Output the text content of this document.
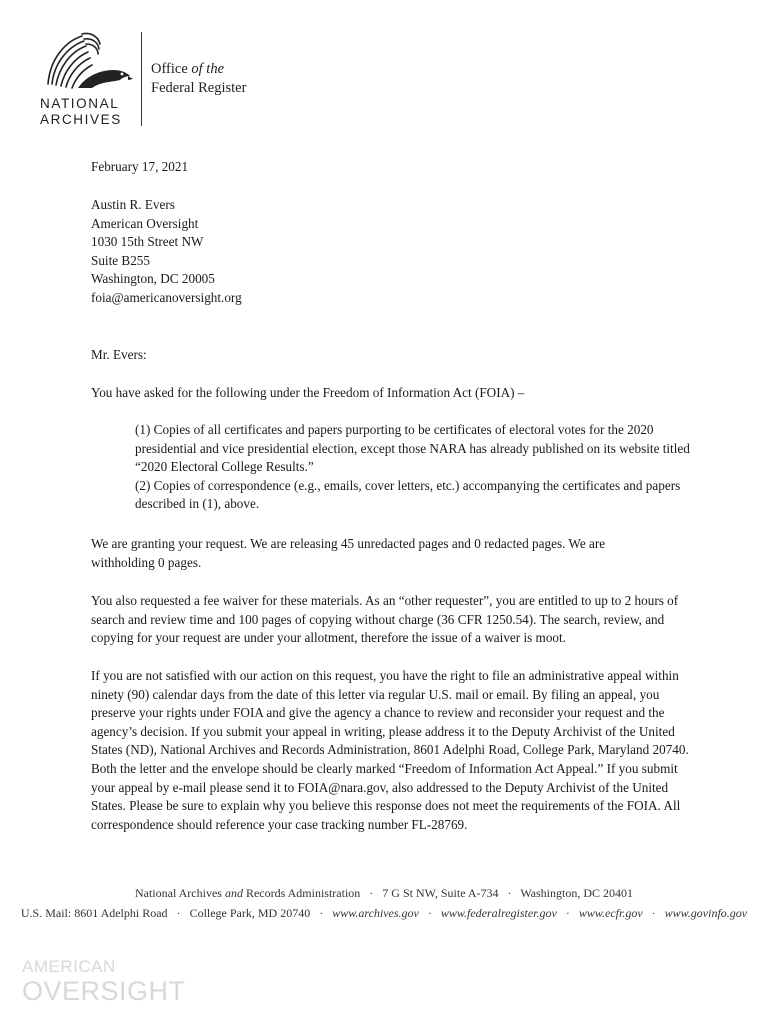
NATIONAL
ARCHIVES
Office of the
Federal Register

February 17, 2021

Austin R. Evers
American Oversight
1030 15th Street NW
Suite B255
Washington, DC 20005
foia@americanoversight.org

Mr. Evers:

You have asked for the following under the Freedom of Information Act (FOIA) –

(1) Copies of all certificates and papers purporting to be certificates of electoral votes for the 2020 presidential and vice presidential election, except those NARA has already published on its website titled “2020 Electoral College Results.”

(2) Copies of correspondence (e.g., emails, cover letters, etc.) accompanying the certificates and papers described in (1), above.

We are granting your request. We are releasing 45 unredacted pages and 0 redacted pages. We are withholding 0 pages.

You also requested a fee waiver for these materials. As an “other requester”, you are entitled to up to 2 hours of search and review time and 100 pages of copying without charge (36 CFR 1250.54). The search, review, and copying for your request are under your allotment, therefore the issue of a waiver is moot.

If you are not satisfied with our action on this request, you have the right to file an administrative appeal within ninety (90) calendar days from the date of this letter via regular U.S. mail or email. By filing an appeal, you preserve your rights under FOIA and give the agency a chance to review and reconsider your request and the agency’s decision. If you submit your appeal in writing, please address it to the Deputy Archivist of the United States (ND), National Archives and Records Administration, 8601 Adelphi Road, College Park, Maryland 20740. Both the letter and the envelope should be clearly marked “Freedom of Information Act Appeal.” If you submit your appeal by e-mail please send it to FOIA@nara.gov, also addressed to the Deputy Archivist of the United States. Please be sure to explain why you believe this response does not meet the requirements of the FOIA. All correspondence should reference your case tracking number FL-28769.

National Archives and Records Administration · 7 G St NW, Suite A-734 · Washington, DC 20401
U.S. Mail: 8601 Adelphi Road · College Park, MD 20740 · www.archives.gov · www.federalregister.gov · www.ecfr.gov · www.govinfo.gov
AMERICAN
OVERSIGHT
